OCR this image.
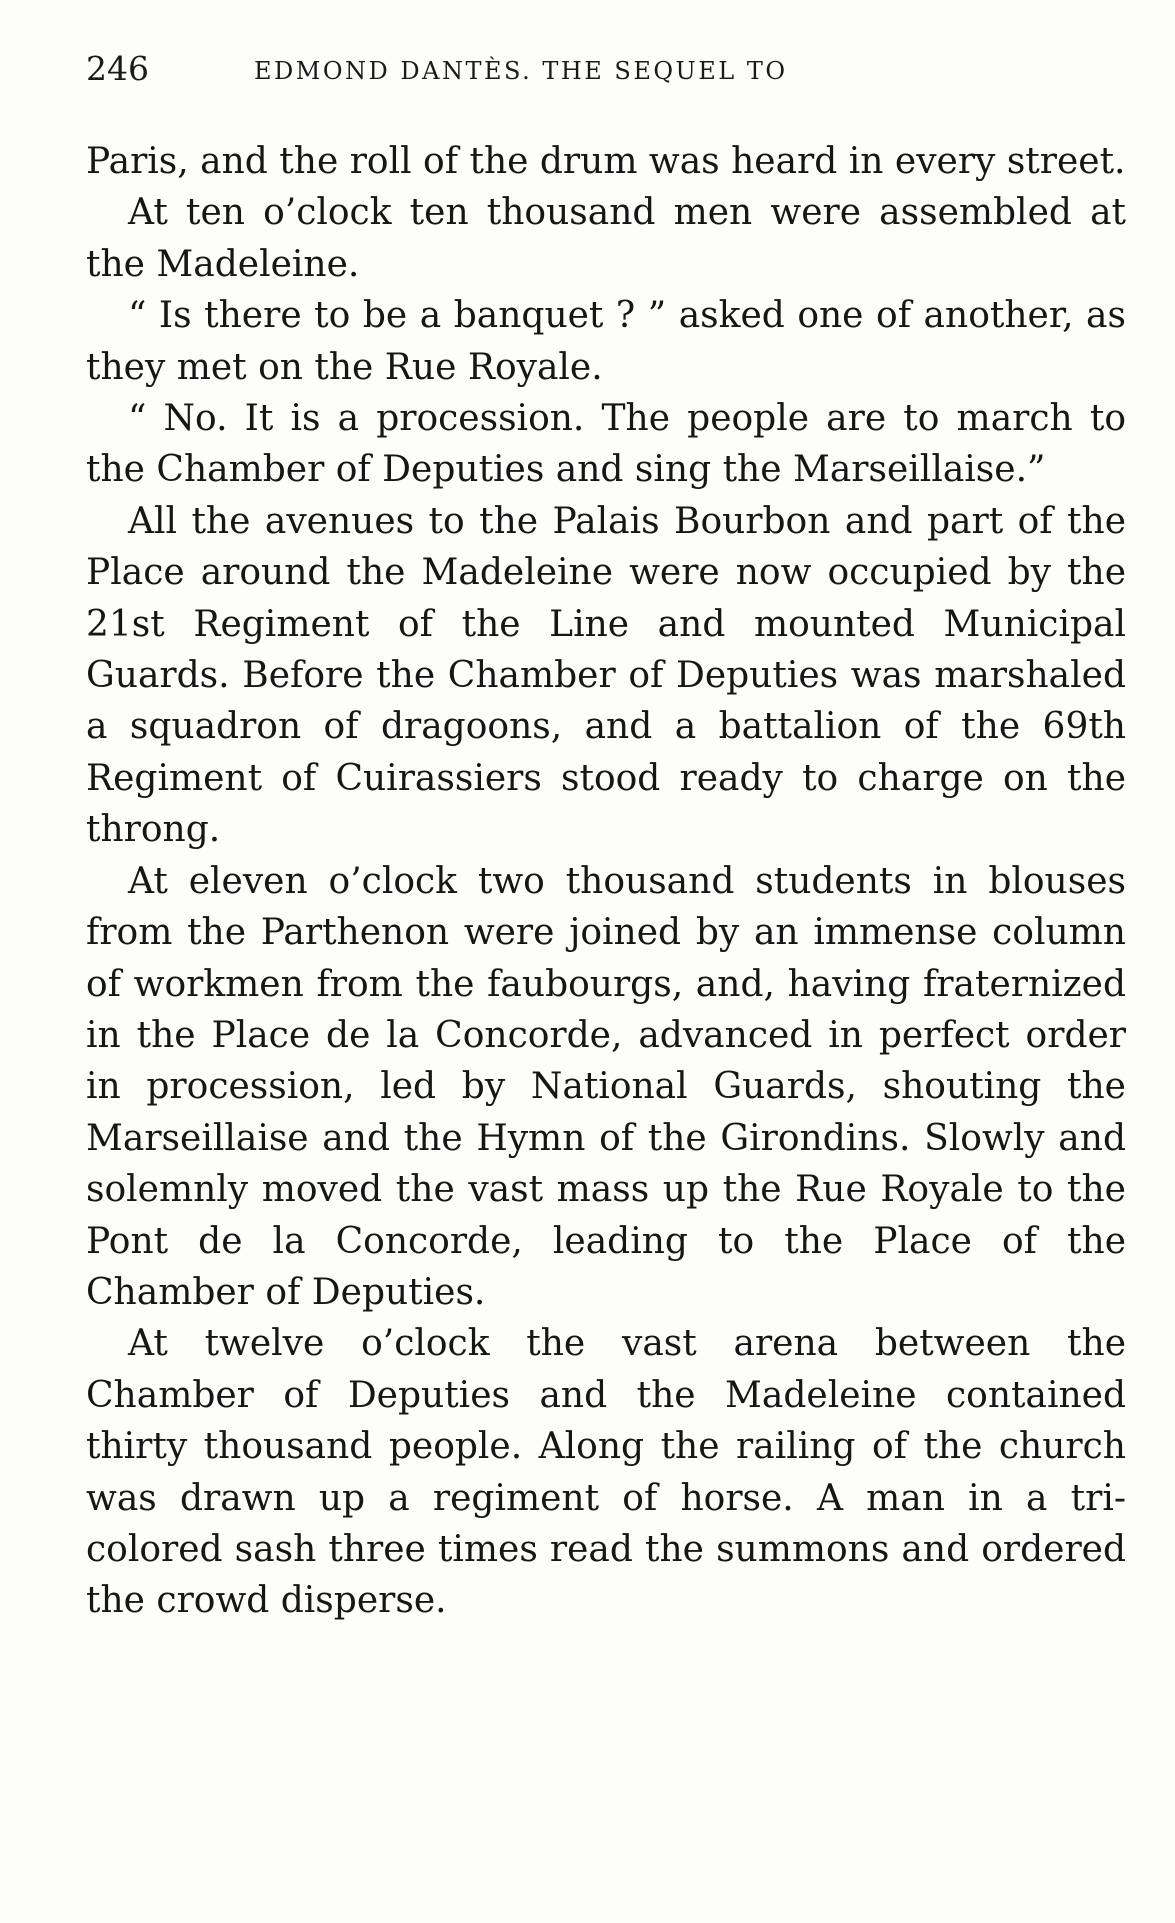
246	EDMOND DANTÈS. THE SEQUEL TO

Paris, and the roll of the drum was heard in every street.

At ten o’clock ten thousand men were assembled at the Madeleine.

“ Is there to be a banquet ? ” asked one of another, as they met on the Rue Royale.

“ No. It is a procession. The people are to march to the Chamber of Deputies and sing the Marseillaise.”

All the avenues to the Palais Bourbon and part of the Place around the Madeleine were now occupied by the 21st Regiment of the Line and mounted Municipal Guards. Before the Chamber of Deputies was marshaled a squadron of dragoons, and a battalion of the 69th Regiment of Cuirassiers stood ready to charge on the throng.

At eleven o’clock two thousand students in blouses from the Parthenon were joined by an immense column of workmen from the faubourgs, and, having fraternized in the Place de la Concorde, advanced in perfect order in procession, led by National Guards, shouting the Marseillaise and the Hymn of the Girondins. Slowly and solemnly moved the vast mass up the Rue Royale to the Pont de la Concorde, leading to the Place of the Chamber of Deputies.

At twelve o’clock the vast arena between the Chamber of Deputies and the Madeleine contained thirty thousand people. Along the railing of the church was drawn up a regiment of horse. A man in a tri-colored sash three times read the summons and ordered the crowd disperse.
